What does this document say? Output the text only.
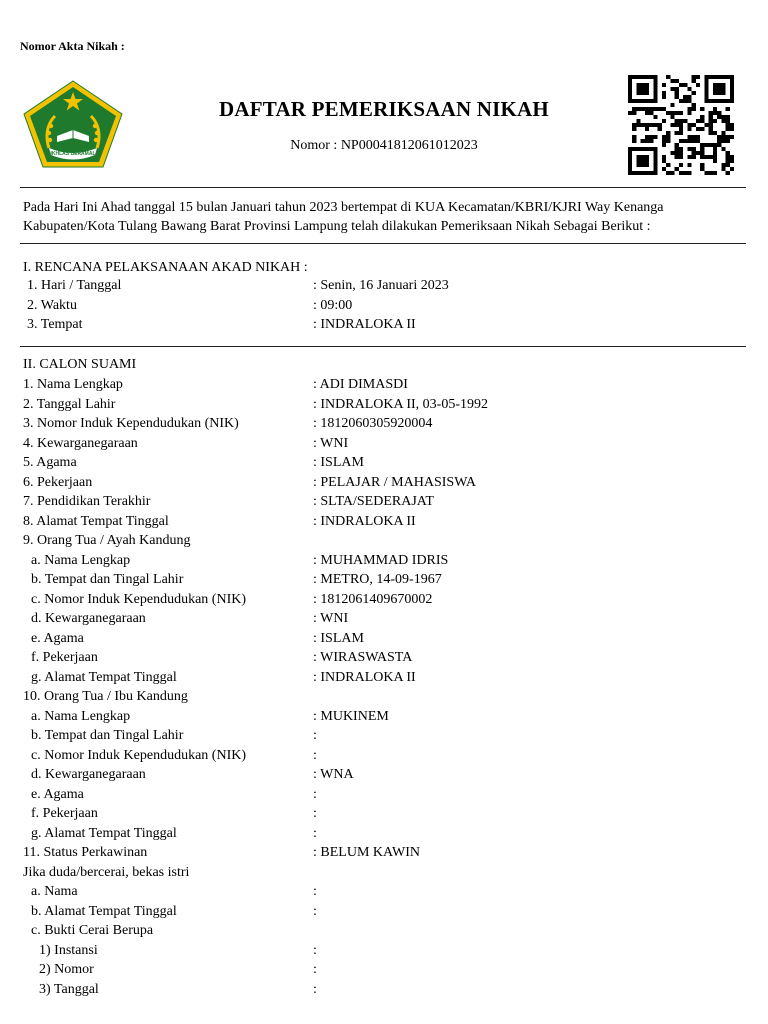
Nomor Akta Nikah :
IKHLAS BERAMAL
DAFTAR PEMERIKSAAN NIKAH
Nomor : NP00041812061012023
Pada Hari Ini Ahad tanggal 15 bulan Januari tahun 2023 bertempat di KUA Kecamatan/KBRI/KJRI Way Kenanga Kabupaten/Kota Tulang Bawang Barat Provinsi Lampung telah dilakukan Pemeriksaan Nikah Sebagai Berikut :
I. RENCANA PELAKSANAAN AKAD NIKAH :
1. Hari / Tanggal	: Senin, 16 Januari 2023
2. Waktu	: 09:00
3. Tempat	: INDRALOKA II
II. CALON SUAMI
1. Nama Lengkap	: ADI DIMASDI
2. Tanggal Lahir	: INDRALOKA II, 03-05-1992
3. Nomor Induk Kependudukan (NIK)	: 1812060305920004
4. Kewarganegaraan	: WNI
5. Agama	: ISLAM
6. Pekerjaan	: PELAJAR / MAHASISWA
7. Pendidikan Terakhir	: SLTA/SEDERAJAT
8. Alamat Tempat Tinggal	: INDRALOKA II
9. Orang Tua / Ayah Kandung
a. Nama Lengkap	: MUHAMMAD IDRIS
b. Tempat dan Tingal Lahir	: METRO, 14-09-1967
c. Nomor Induk Kependudukan (NIK)	: 1812061409670002
d. Kewarganegaraan	: WNI
e. Agama	: ISLAM
f. Pekerjaan	: WIRASWASTA
g. Alamat Tempat Tinggal	: INDRALOKA II
10. Orang Tua / Ibu Kandung
a. Nama Lengkap	: MUKINEM
b. Tempat dan Tingal Lahir	:
c. Nomor Induk Kependudukan (NIK)	:
d. Kewarganegaraan	: WNA
e. Agama	:
f. Pekerjaan	:
g. Alamat Tempat Tinggal	:
11. Status Perkawinan	: BELUM KAWIN
Jika duda/bercerai, bekas istri
a. Nama	:
b. Alamat Tempat Tinggal	:
c. Bukti Cerai Berupa
1) Instansi	:
2) Nomor	:
3) Tanggal	:
